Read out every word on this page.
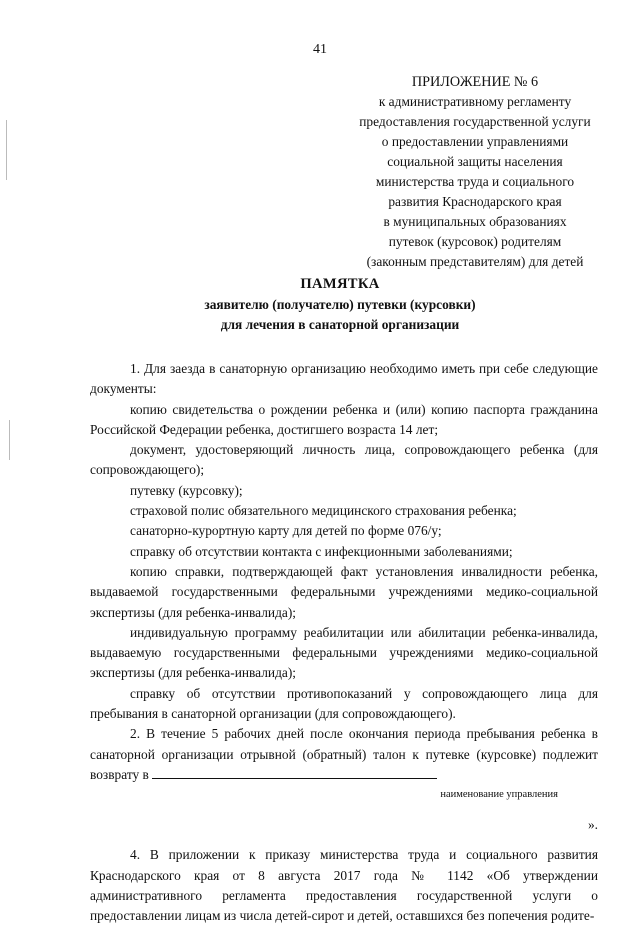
41
ПРИЛОЖЕНИЕ № 6
к административному регламенту
предоставления государственной услуги
о предоставлении управлениями
социальной защиты населения
министерства труда и социального
развития Краснодарского края
в муниципальных образованиях
путевок (курсовок) родителям
(законным представителям) для детей
ПАМЯТКА
заявителю (получателю) путевки (курсовки)
для лечения в санаторной организации

1. Для заезда в санаторную организацию необходимо иметь при себе следующие документы:

копию свидетельства о рождении ребенка и (или) копию паспорта гражданина Российской Федерации ребенка, достигшего возраста 14 лет;

документ, удостоверяющий личность лица, сопровождающего ребенка (для сопровождающего);

путевку (курсовку);

страховой полис обязательного медицинского страхования ребенка;

санаторно-курортную карту для детей по форме 076/у;

справку об отсутствии контакта с инфекционными заболеваниями;

копию справки, подтверждающей факт установления инвалидности ребенка, выдаваемой государственными федеральными учреждениями медико-социальной экспертизы (для ребенка-инвалида);

индивидуальную программу реабилитации или абилитации ребенка-инвалида, выдаваемую государственными федеральными учреждениями медико-социальной экспертизы (для ребенка-инвалида);

справку об отсутствии противопоказаний у сопровождающего лица для пребывания в санаторной организации (для сопровождающего).

2. В течение 5 рабочих дней после окончания периода пребывания ребенка в санаторной организации отрывной (обратный) талон к путевке (курсовке) подлежит возврату в

наименование управления
».

4. В приложении к приказу министерства труда и социального развития Краснодарского края от 8 августа 2017 года № 1142 «Об утверждении административного регламента предоставления государственной услуги о предоставлении лицам из числа детей-сирот и детей, оставшихся без попечения родите-
